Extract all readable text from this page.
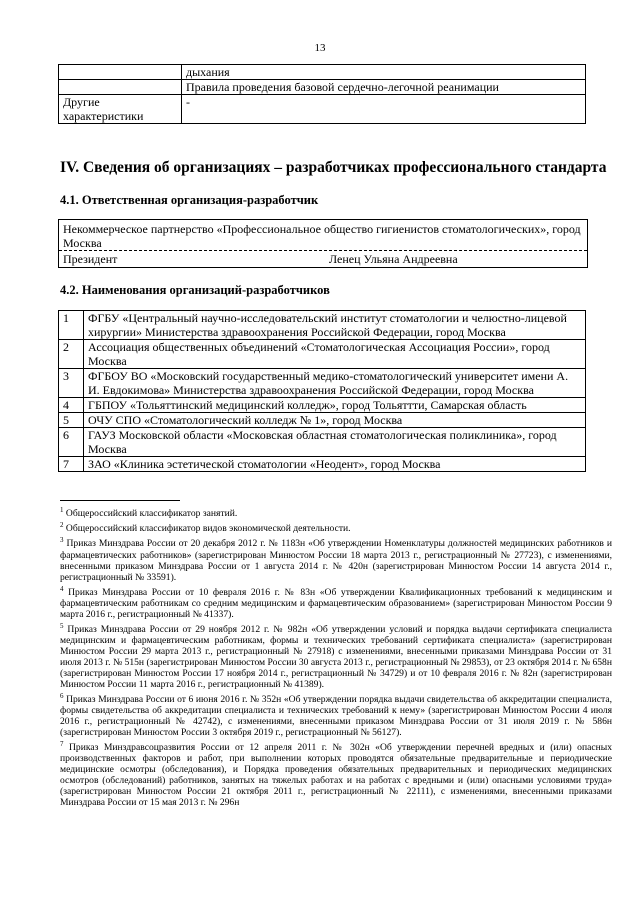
13
	дыхания
	Правила проведения базовой сердечно-легочной реанимации
Другие характеристики	-
IV. Сведения об организациях – разработчиках профессионального стандарта
4.1. Ответственная организация-разработчик
Некоммерческое партнерство «Профессиональное общество гигиенистов стоматологических», город Москва
Президент	Ленец Ульяна Андреевна
4.2. Наименования организаций-разработчиков
1	ФГБУ «Центральный научно-исследовательский институт стоматологии и челюстно-лицевой хирургии» Министерства здравоохранения Российской Федерации, город Москва
2	Ассоциация общественных объединений «Стоматологическая Ассоциация России», город Москва
3	ФГБОУ ВО «Московский государственный медико-стоматологический университет имени А. И. Евдокимова» Министерства здравоохранения Российской Федерации, город Москва
4	ГБПОУ «Тольяттинский медицинский колледж», город Тольяттти, Самарская область
5	ОЧУ СПО «Стоматологический колледж № 1», город Москва
6	ГАУЗ Московской области «Московская областная стоматологическая поликлиника», город Москва
7	ЗАО «Клиника эстетической стоматологии «Неодент», город Москва

$^1$ Общероссийский классификатор занятий.

$^2$ Общероссийский классификатор видов экономической деятельности.

$^3$ Приказ Минздрава России от 20 декабря 2012 г. № 1183н «Об утверждении Номенклатуры должностей медицинских работников и фармацевтических работников» (зарегистрирован Минюстом России 18 марта 2013 г., регистрационный № 27723), с изменениями, внесенными приказом Минздрава России от 1 августа 2014 г. № 420н (зарегистрирован Минюстом России 14 августа 2014 г., регистрационный № 33591).

$^4$ Приказ Минздрава России от 10 февраля 2016 г. № 83н «Об утверждении Квалификационных требований к медицинским и фармацевтическим работникам со средним медицинским и фармацевтическим образованием» (зарегистрирован Минюстом России 9 марта 2016 г., регистрационный № 41337).

$^5$ Приказ Минздрава России от 29 ноября 2012 г. № 982н «Об утверждении условий и порядка выдачи сертификата специалиста медицинским и фармацевтическим работникам, формы и технических требований сертификата специалиста» (зарегистрирован Минюстом России 29 марта 2013 г., регистрационный № 27918) с изменениями, внесенными приказами Минздрава России от 31 июля 2013 г. № 515н (зарегистрирован Минюстом России 30 августа 2013 г., регистрационный № 29853), от 23 октября 2014 г. № 658н (зарегистрирован Минюстом России 17 ноября 2014 г., регистрационный № 34729) и от 10 февраля 2016 г. № 82н (зарегистрирован Минюстом России 11 марта 2016 г., регистрационный № 41389).

$^6$ Приказ Минздрава России от 6 июня 2016 г. № 352н «Об утверждении порядка выдачи свидетельства об аккредитации специалиста, формы свидетельства об аккредитации специалиста и технических требований к нему» (зарегистрирован Минюстом России 4 июля 2016 г., регистрационный № 42742), с изменениями, внесенными приказом Минздрава России от 31 июля 2019 г. № 586н (зарегистрирован Минюстом России 3 октября 2019 г., регистрационный № 56127).

$^7$ Приказ Минздравсоцразвития России от 12 апреля 2011 г. № 302н «Об утверждении перечней вредных и (или) опасных производственных факторов и работ, при выполнении которых проводятся обязательные предварительные и периодические медицинские осмотры (обследования), и Порядка проведения обязательных предварительных и периодических медицинских осмотров (обследований) работников, занятых на тяжелых работах и на работах с вредными и (или) опасными условиями труда» (зарегистрирован Минюстом России 21 октября 2011 г., регистрационный № 22111), с изменениями, внесенными приказами Минздрава России от 15 мая 2013 г. № 296н
